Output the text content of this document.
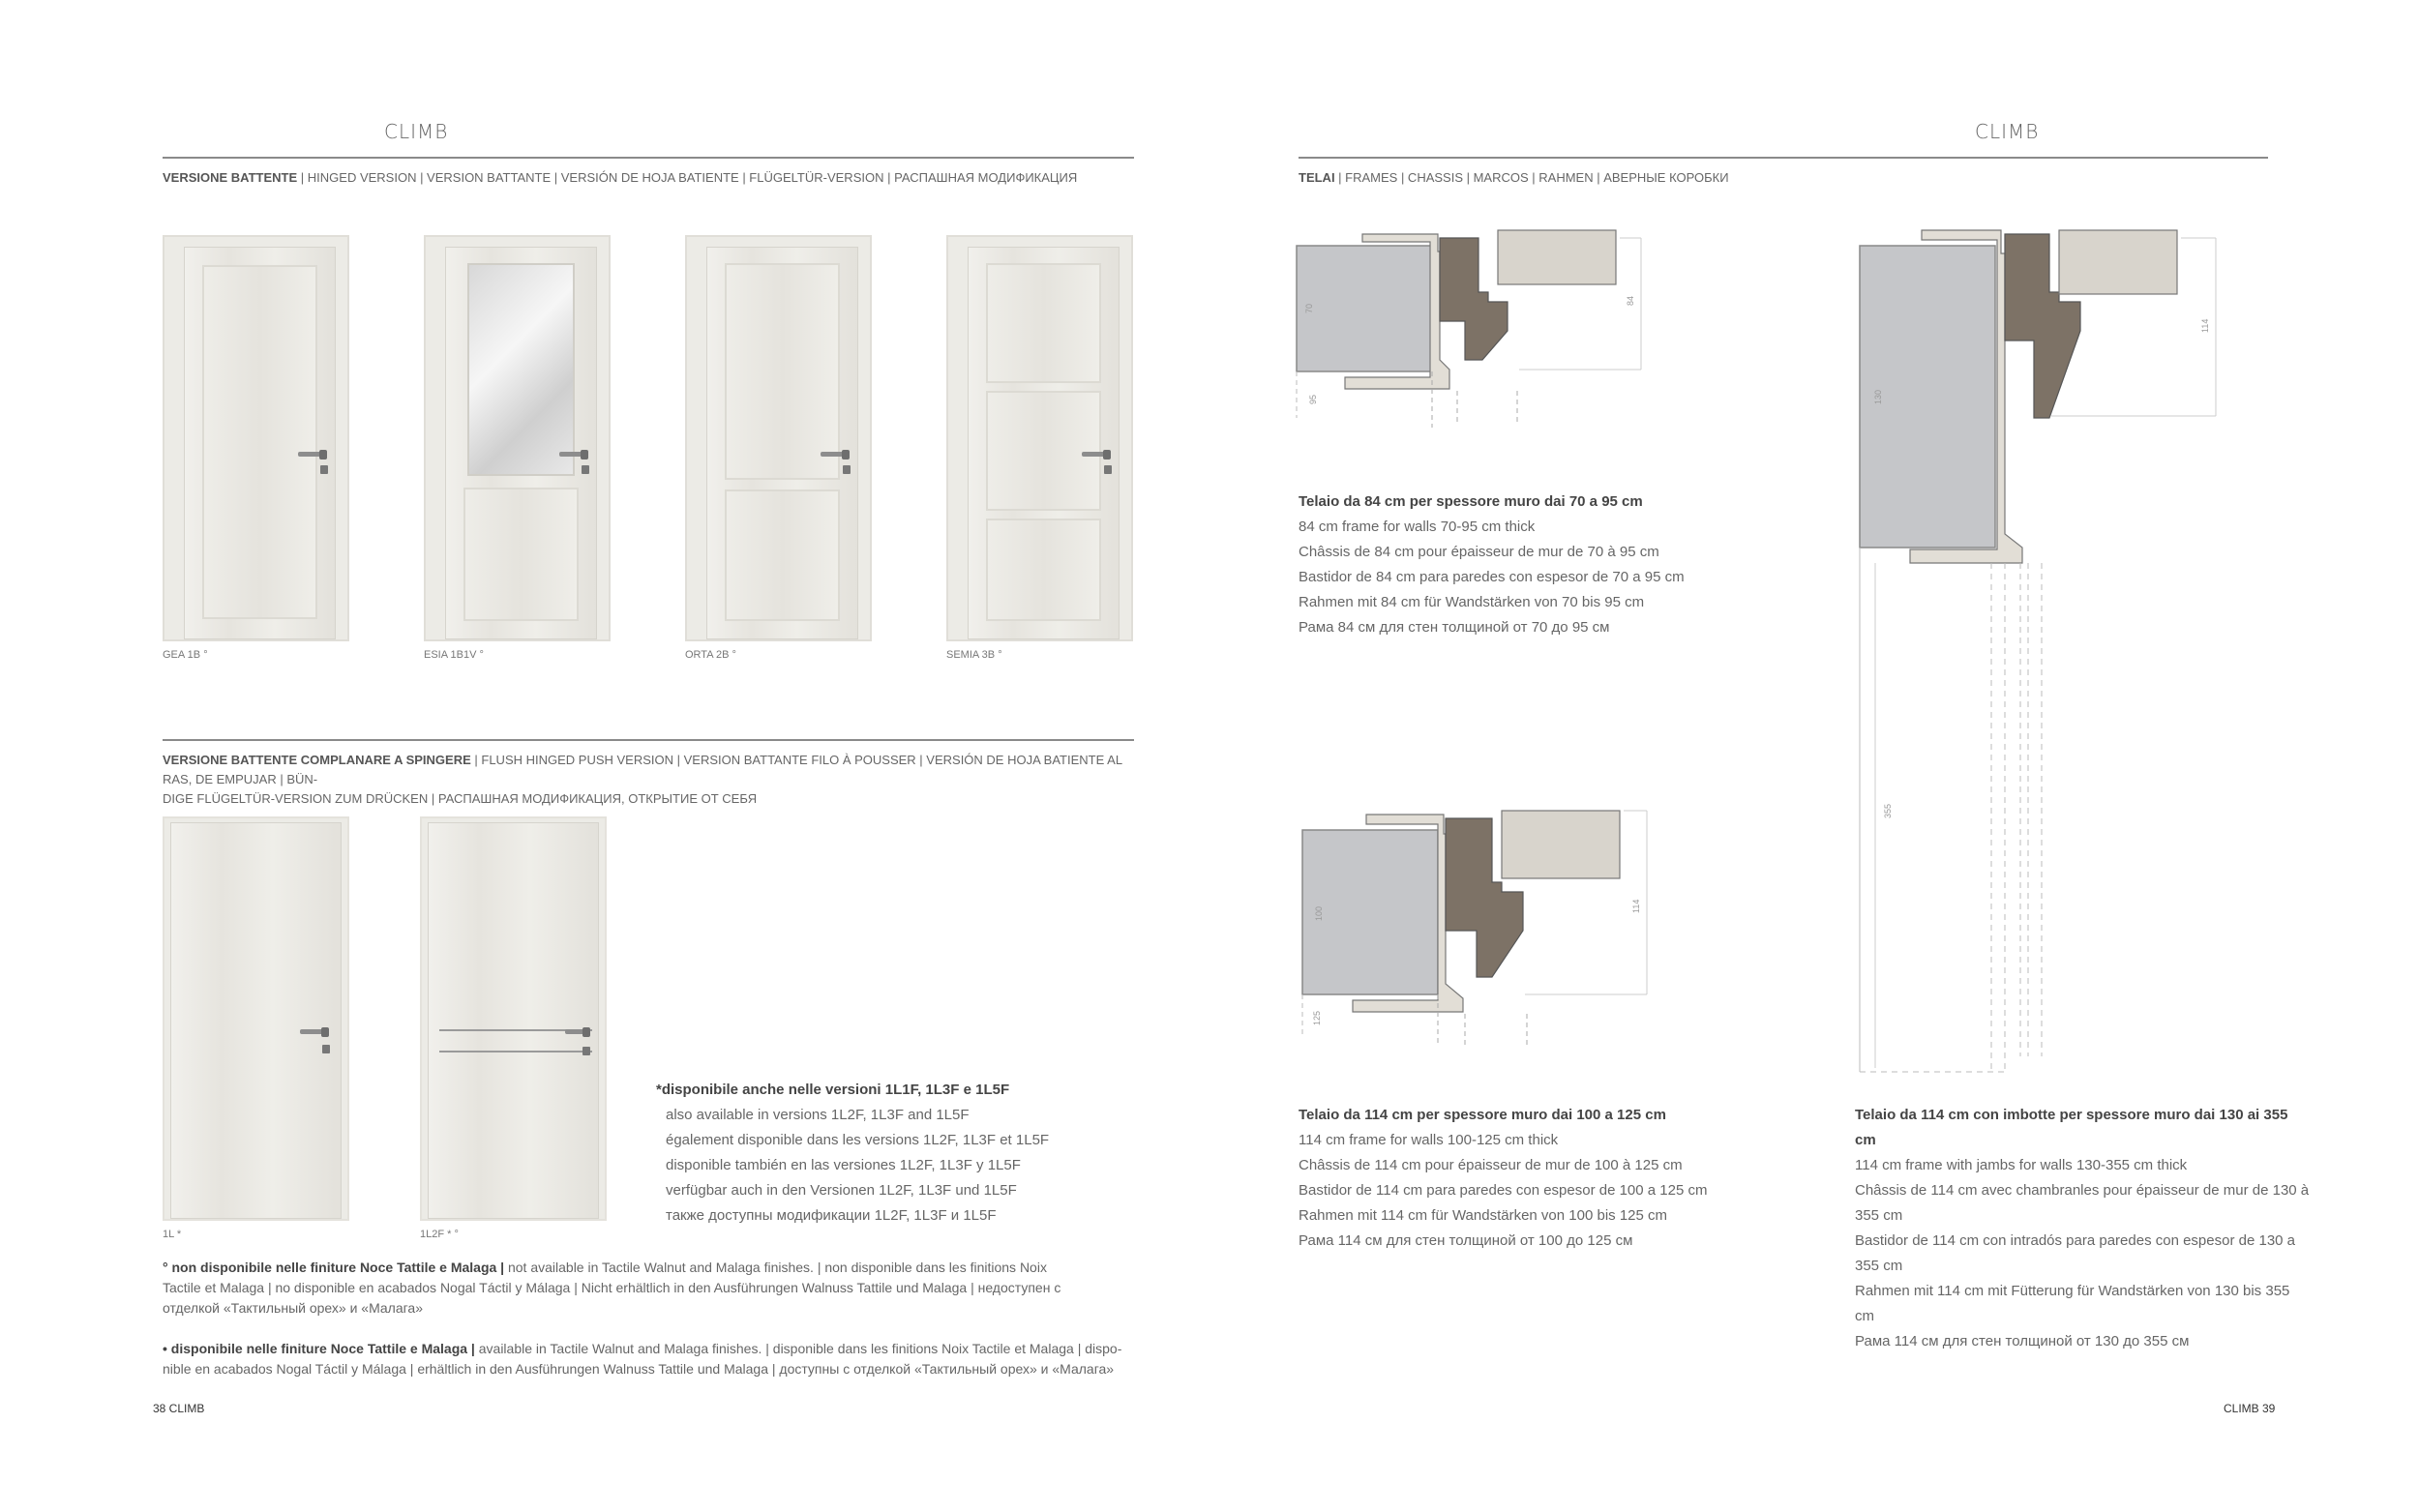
CLIMB
VERSIONE BATTENTE | HINGED VERSION | VERSION BATTANTE | VERSIÓN DE HOJA BATIENTE | FLÜGELTÜR-VERSION | РАСПАШНАЯ МОДИФИКАЦИЯ
GEA 1B °	ESIA 1B1V °	ORTA 2B °	SEMIA 3B °
VERSIONE BATTENTE COMPLANARE A SPINGERE | FLUSH HINGED PUSH VERSION | VERSION BATTANTE FILO À POUSSER | VERSIÓN DE HOJA BATIENTE AL RAS, DE EMPUJAR | BÜN-
DIGE FLÜGELTÜR-VERSION ZUM DRÜCKEN | РАСПАШНАЯ МОДИФИКАЦИЯ, ОТКРЫТИЕ ОТ СЕБЯ
1L *	1L2F * °
*disponibile anche nelle versioni 1L1F, 1L3F e 1L5F
also available in versions 1L2F, 1L3F and 1L5F
également disponible dans les versions 1L2F, 1L3F et 1L5F
disponible también en las versiones 1L2F, 1L3F y 1L5F
verfügbar auch in den Versionen 1L2F, 1L3F und 1L5F
также доступны модификации 1L2F, 1L3F и 1L5F
° non disponibile nelle finiture Noce Tattile e Malaga | not available in Tactile Walnut and Malaga finishes. | non disponible dans les finitions Noix
Tactile et Malaga | no disponible en acabados Nogal Táctil y Málaga | Nicht erhältlich in den Ausführungen Walnuss Tattile und Malaga | недоступен с
отделкой «Тактильный орех» и «Малага»
• disponibile nelle finiture Noce Tattile e Malaga | available in Tactile Walnut and Malaga finishes. | disponible dans les finitions Noix Tactile et Malaga | dispo-
nible en acabados Nogal Táctil y Málaga | erhältlich in den Ausführungen Walnuss Tattile und Malaga | доступны с отделкой «Тактильный орех» и «Малага»
38 CLIMB
CLIMB
TELAI | FRAMES | CHASSIS | MARCOS | RAHMEN | АВЕРНЫЕ КОРОБКИ
70
84
95
Telaio da 84 cm per spessore muro dai 70 a 95 cm
84 cm frame for walls 70-95 cm thick
Châssis de 84 cm pour épaisseur de mur de 70 à 95 cm
Bastidor de 84 cm para paredes con espesor de 70 a 95 cm
Rahmen mit 84 cm für Wandstärken von 70 bis 95 cm
Рама 84 см для стен толщиной от 70 до 95 см
100
114
125
Telaio da 114 cm per spessore muro dai 100 a 125 cm
114 cm frame for walls 100-125 cm thick
Châssis de 114 cm pour épaisseur de mur de 100 à 125 cm
Bastidor de 114 cm para paredes con espesor de 100 a 125 cm
Rahmen mit 114 cm für Wandstärken von 100 bis 125 cm
Рама 114 см для стен толщиной от 100 до 125 см
130
114
355
Telaio da 114 cm con imbotte per spessore muro dai 130 ai 355 cm
114 cm frame with jambs for walls 130-355 cm thick
Châssis de 114 cm avec chambranles pour épaisseur de mur de 130 à 355 cm
Bastidor de 114 cm con intradós para paredes con espesor de 130 a 355 cm
Rahmen mit 114 cm mit Fütterung für Wandstärken von 130 bis 355 cm
Рама 114 см для стен толщиной от 130 до 355 см
CLIMB 39
